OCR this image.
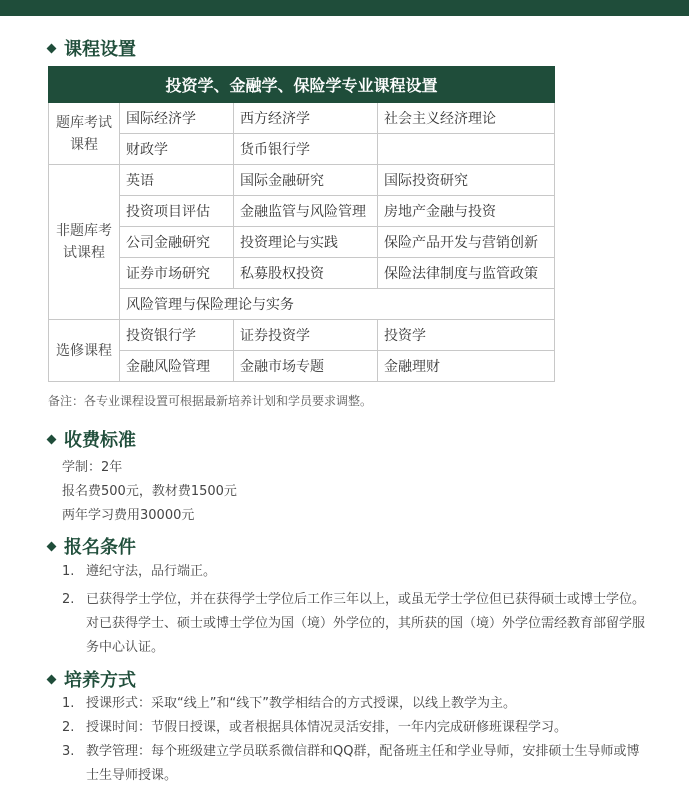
课程设置
投资学、金融学、保险学专业课程设置			
题库考试课程	国际经济学	西方经济学	社会主义经济理论
	财政学	货币银行学	
非题库考试课程	英语	国际金融研究	国际投资研究
	投资项目评估	金融监管与风险管理	房地产金融与投资
	公司金融研究	投资理论与实践	保险产品开发与营销创新
	证券市场研究	私募股权投资	保险法律制度与监管政策
	风险管理与保险理论与实务		
选修课程	投资银行学	证券投资学	投资学
	金融风险管理	金融市场专题	金融理财
备注：各专业课程设置可根据最新培养计划和学员要求调整。
收费标准
学制：2年
报名费500元，教材费1500元
两年学习费用30000元
报名条件
1. 遵纪守法，品行端正。
2. 已获得学士学位，并在获得学士学位后工作三年以上，或虽无学士学位但已获得硕士或博士学位。对已获得学士、硕士或博士学位为国（境）外学位的，其所获的国（境）外学位需经教育部留学服务中心认证。
培养方式
1. 授课形式：采取“线上”和“线下”教学相结合的方式授课，以线上教学为主。
2. 授课时间：节假日授课，或者根据具体情况灵活安排，一年内完成研修班课程学习。
3. 教学管理：每个班级建立学员联系微信群和QQ群，配备班主任和学业导师，安排硕士生导师或博士生导师授课。
